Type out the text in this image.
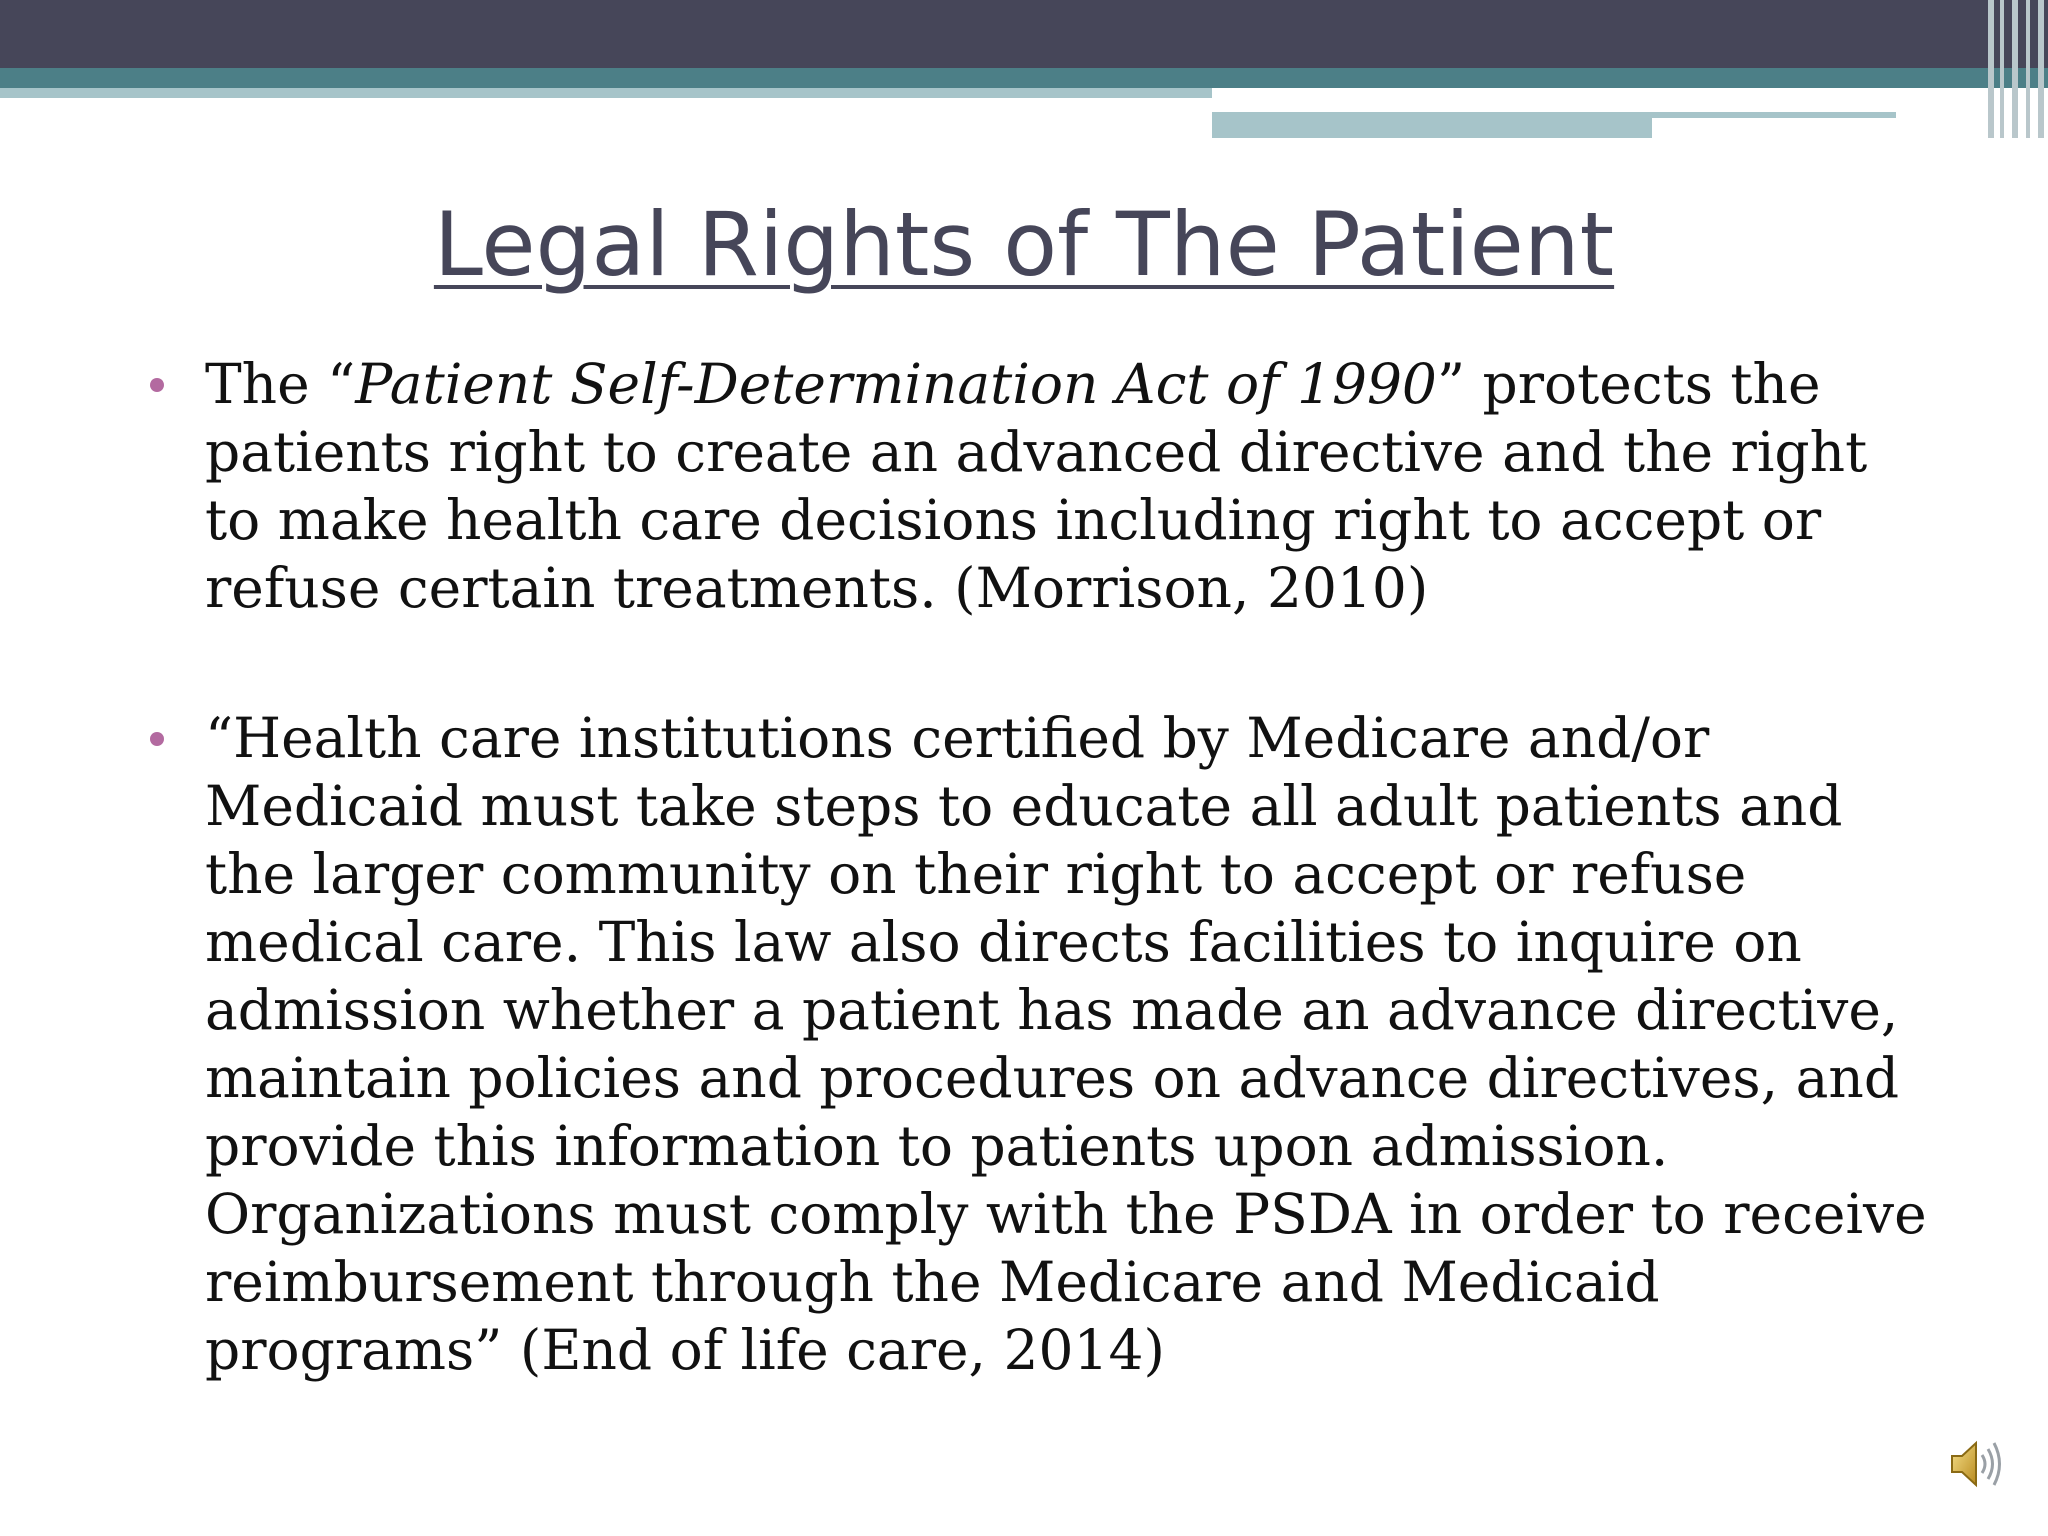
Legal Rights of The Patient
The “Patient Self-Determination Act of 1990” protects the patients right to create an advanced directive and the right to make health care decisions including right to accept or refuse certain treatments. (Morrison, 2010)
“Health care institutions certified by Medicare and/or Medicaid must take steps to educate all adult patients and the larger community on their right to accept or refuse medical care. This law also directs facilities to inquire on admission whether a patient has made an advance directive, maintain policies and procedures on advance directives, and provide this information to patients upon admission. Organizations must comply with the PSDA in order to receive reimbursement through the Medicare and Medicaid programs” (End of life care, 2014)
